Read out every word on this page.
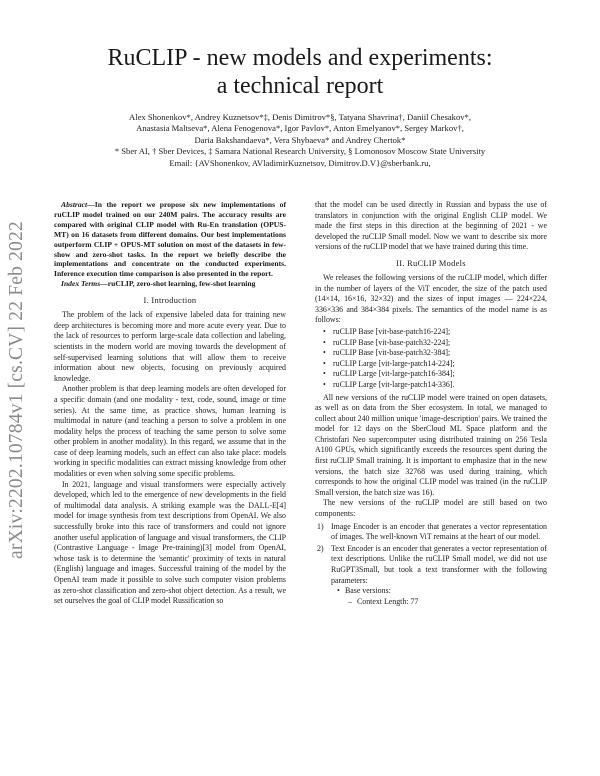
RuCLIP - new models and experiments:
a technical report
Alex Shonenkov*, Andrey Kuznetsov*‡, Denis Dimitrov*§, Tatyana Shavrina†, Daniil Chesakov*,
Anastasia Maltseva*, Alena Fenogenova*, Igor Pavlov*, Anton Emelyanov*, Sergey Markov†,
Daria Bakshandaeva*, Vera Shybaeva* and Andrey Chertok*
* Sber AI, † Sber Devices, ‡ Samara National Research University, § Lomonosov Moscow State University
Email: {AVShonenkov, AVladimirKuznetsov, Dimitrov.D.V}@sberbank.ru,
arXiv:2202.10784v1 [cs.CV] 22 Feb 2022

Abstract—In the report we propose six new implementations of ruCLIP model trained on our 240M pairs. The accuracy results are compared with original CLIP model with Ru-En translation (OPUS-MT) on 16 datasets from different domains. Our best implementations outperform CLIP + OPUS-MT solution on most of the datasets in few-show and zero-shot tasks. In the report we briefly describe the implementations and concentrate on the conducted experiments. Inference execution time comparison is also presented in the report.

Index Terms—ruCLIP, zero-shot learning, few-shot learning

I. Introduction

The problem of the lack of expensive labeled data for training new deep architectures is becoming more and more acute every year. Due to the lack of resources to perform large-scale data collection and labeling, scientists in the modern world are moving towards the development of self-supervised learning solutions that will allow them to receive information about new objects, focusing on previously acquired knowledge.

Another problem is that deep learning models are often developed for a specific domain (and one modality - text, code, sound, image or time series). At the same time, as practice shows, human learning is multimodal in nature (and teaching a person to solve a problem in one modality helps the process of teaching the same person to solve some other problem in another modality). In this regard, we assume that in the case of deep learning models, such an effect can also take place: models working in specific modalities can extract missing knowledge from other modalities or even when solving some specific problems.

In 2021, language and visual transformers were especially actively developed, which led to the emergence of new developments in the field of multimodal data analysis. A striking example was the DALL-E[4] model for image synthesis from text descriptions from OpenAI. We also successfully broke into this race of transformers and could not ignore another useful application of language and visual transformers, the CLIP (Contrastive Language - Image Pre-training)[3] model from OpenAI, whose task is to determine the 'semantic' proximity of texts in natural (English) language and images. Successful training of the model by the OpenAI team made it possible to solve such computer vision problems as zero-shot classification and zero-shot object detection. As a result, we set ourselves the goal of CLIP model Russification so

that the model can be used directly in Russian and bypass the use of translators in conjunction with the original English CLIP model. We made the first steps in this direction at the beginning of 2021 - we developed the ruCLIP Small model. Now we want to describe six more versions of the ruCLIP model that we have trained during this time.

II. RuCLIP Models

We releases the following versions of the ruCLIP model, which differ in the number of layers of the ViT encoder, the size of the patch used (14×14, 16×16, 32×32) and the sizes of input images — 224×224, 336×336 and 384×384 pixels. The semantics of the model name is as follows:

• ruCLIP Base [vit-base-patch16-224];
• ruCLIP Base [vit-base-patch32-224];
• ruCLIP Base [vit-base-patch32-384];
• ruCLIP Large [vit-large-patch14-224];
• ruCLIP Large [vit-large-patch16-384];
• ruCLIP Large [vit-large-patch14-336].

All new versions of the ruCLIP model were trained on open datasets, as well as on data from the Sber ecosystem. In total, we managed to collect about 240 million unique 'image-description' pairs. We trained the model for 12 days on the SberCloud ML Space platform and the Christofari Neo supercomputer using distributed training on 256 Tesla A100 GPUs, which significantly exceeds the resources spent during the first ruCLIP Small training. It is important to emphasize that in the new versions, the batch size 32768 was used during training, which corresponds to how the original CLIP model was trained (in the ruCLIP Small version, the batch size was 16).

The new versions of the ruCLIP model are still based on two components:

1) Image Encoder is an encoder that generates a vector representation of images. The well-known ViT remains at the heart of our model.
2) Text Encoder is an encoder that generates a vector representation of text descriptions. Unlike the ruCLIP Small model, we did not use RuGPT3Small, but took a text transformer with the following parameters:
• Base versions:
– Context Length: 77
